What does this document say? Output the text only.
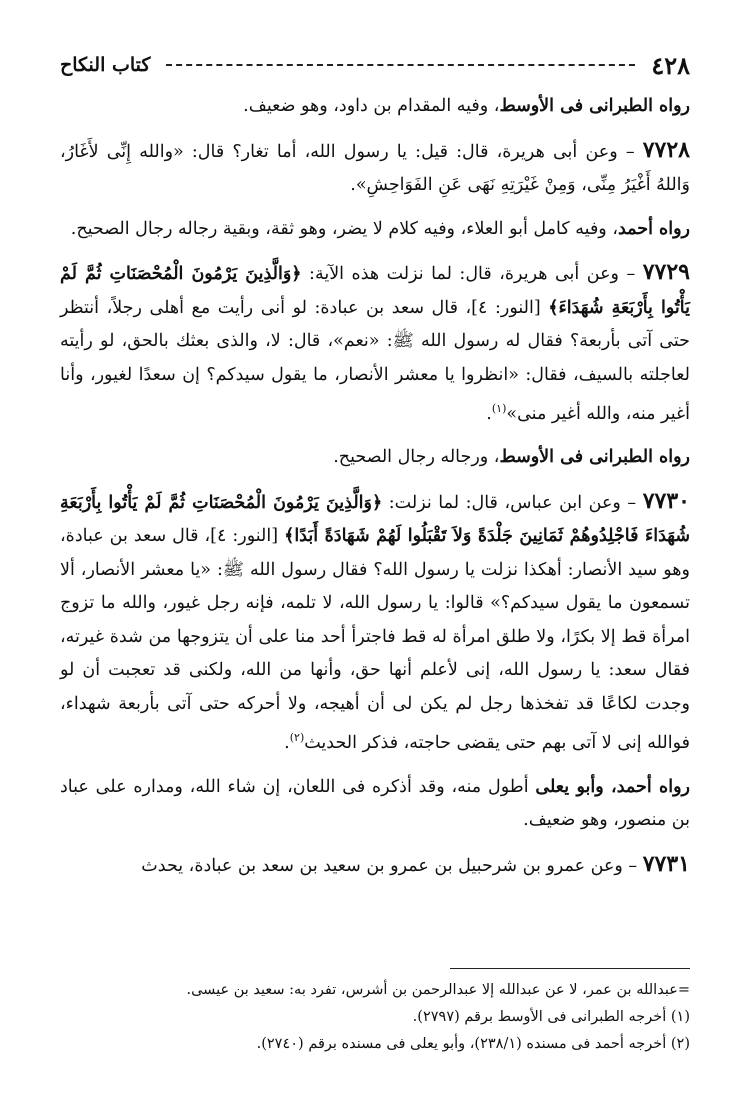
٤٢٨
كتاب النكاح

رواه الطبرانى فى الأوسط، وفيه المقدام بن داود، وهو ضعيف.

٧٧٢٨ – وعن أبى هريرة، قال: قيل: يا رسول الله، أما تغار؟ قال: «والله إِنِّى لأَغَارُ، وَاللهُ أَغْيَرُ مِنِّى، وَمِنْ غَيْرَتِهِ نَهَى عَنِ الفَوَاحِشِ».

رواه أحمد، وفيه كامل أبو العلاء، وفيه كلام لا يضر، وهو ثقة، وبقية رجاله رجال الصحيح.

٧٧٢٩ – وعن أبى هريرة، قال: لما نزلت هذه الآية: ﴿وَالَّذِينَ يَرْمُونَ الْمُحْصَنَاتِ ثُمَّ لَمْ يَأْتُوا بِأَرْبَعَةِ شُهَدَاءَ﴾ [النور: ٤]، قال سعد بن عبادة: لو أنى رأيت مع أهلى رجلاً، أنتظر حتى آتى بأربعة؟ فقال له رسول الله ﷺ: «نعم»، قال: لا، والذى بعثك بالحق، لو رأيته لعاجلته بالسيف، فقال: «انظروا يا معشر الأنصار، ما يقول سيدكم؟ إن سعدًا لغيور، وأنا أغير منه، والله أغير منى»$^{(١)}$.

رواه الطبرانى فى الأوسط، ورجاله رجال الصحيح.

٧٧٣٠ – وعن ابن عباس، قال: لما نزلت: ﴿وَالَّذِينَ يَرْمُونَ الْمُحْصَنَاتِ ثُمَّ لَمْ يَأْتُوا بِأَرْبَعَةِ شُهَدَاءَ فَاجْلِدُوهُمْ ثَمَانِينَ جَلْدَةً وَلاَ تَقْبَلُوا لَهُمْ شَهَادَةً أَبَدًا﴾ [النور: ٤]، قال سعد بن عبادة، وهو سيد الأنصار: أهكذا نزلت يا رسول الله؟ فقال رسول الله ﷺ: «يا معشر الأنصار، ألا تسمعون ما يقول سيدكم؟» قالوا: يا رسول الله، لا تلمه، فإنه رجل غيور، والله ما تزوج امرأة قط إلا بكرًا، ولا طلق امرأة له قط فاجترأ أحد منا على أن يتزوجها من شدة غيرته، فقال سعد: يا رسول الله، إنى لأعلم أنها حق، وأنها من الله، ولكنى قد تعجبت أن لو وجدت لكاعًا قد تفخذها رجل لم يكن لى أن أهيجه، ولا أحركه حتى آتى بأربعة شهداء، فوالله إنى لا آتى بهم حتى يقضى حاجته، فذكر الحديث$^{(٢)}$.

رواه أحمد، وأبو يعلى أطول منه، وقد أذكره فى اللعان، إن شاء الله، ومداره على عباد بن منصور، وهو ضعيف.

٧٧٣١ – وعن عمرو بن شرحبيل بن عمرو بن سعيد بن سعد بن عبادة، يحدث

=عبدالله بن عمر، لا عن عبدالله إلا عبدالرحمن بن أشرس، تفرد به: سعيد بن عيسى.

(١) أخرجه الطبرانى فى الأوسط برقم (٢٧٩٧).

(٢) أخرجه أحمد فى مسنده (٢٣٨/١)، وأبو يعلى فى مسنده برقم (٢٧٤٠).
